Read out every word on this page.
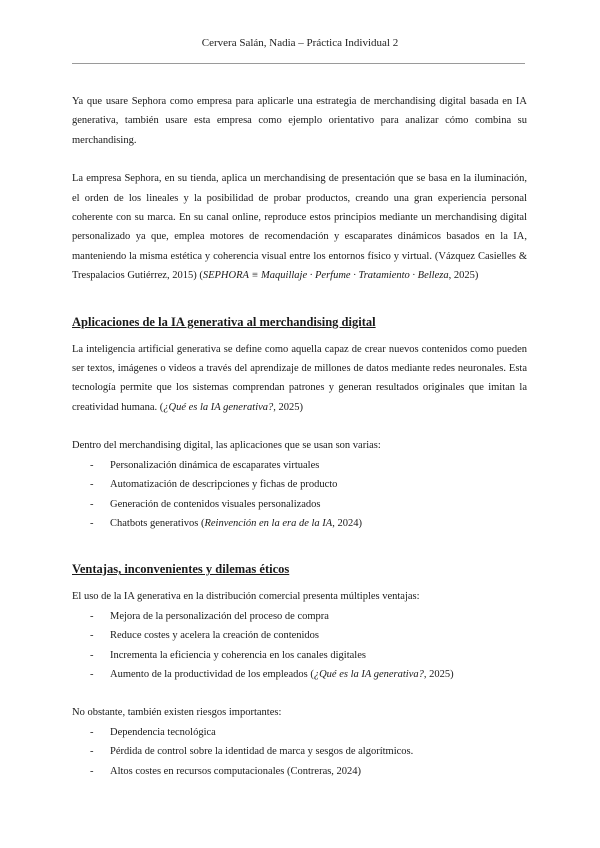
Cervera Salán, Nadia – Práctica Individual 2

Ya que usare Sephora como empresa para aplicarle una estrategia de merchandising digital basada en IA generativa, también usare esta empresa como ejemplo orientativo para analizar cómo combina su merchandising.

La empresa Sephora, en su tienda, aplica un merchandising de presentación que se basa en la iluminación, el orden de los lineales y la posibilidad de probar productos, creando una gran experiencia personal coherente con su marca. En su canal online, reproduce estos principios mediante un merchandising digital personalizado ya que, emplea motores de recomendación y escaparates dinámicos basados en la IA, manteniendo la misma estética y coherencia visual entre los entornos físico y virtual. (Vázquez Casielles & Trespalacios Gutiérrez, 2015) (SEPHORA ≡ Maquillaje · Perfume · Tratamiento · Belleza, 2025)

Aplicaciones de la IA generativa al merchandising digital

La inteligencia artificial generativa se define como aquella capaz de crear nuevos contenidos como pueden ser textos, imágenes o videos a través del aprendizaje de millones de datos mediante redes neuronales. Esta tecnología permite que los sistemas comprendan patrones y generan resultados originales que imitan la creatividad humana. (¿Qué es la IA generativa?, 2025)

Dentro del merchandising digital, las aplicaciones que se usan son varias:

- Personalización dinámica de escaparates virtuales
- Automatización de descripciones y fichas de producto
- Generación de contenidos visuales personalizados
- Chatbots generativos (Reinvención en la era de la IA, 2024)
Ventajas, inconvenientes y dilemas éticos

El uso de la IA generativa en la distribución comercial presenta múltiples ventajas:

- Mejora de la personalización del proceso de compra
- Reduce costes y acelera la creación de contenidos
- Incrementa la eficiencia y coherencia en los canales digitales
- Aumento de la productividad de los empleados (¿Qué es la IA generativa?, 2025)

No obstante, también existen riesgos importantes:

- Dependencia tecnológica
- Pérdida de control sobre la identidad de marca y sesgos de algorítmicos.
- Altos costes en recursos computacionales (Contreras, 2024)
